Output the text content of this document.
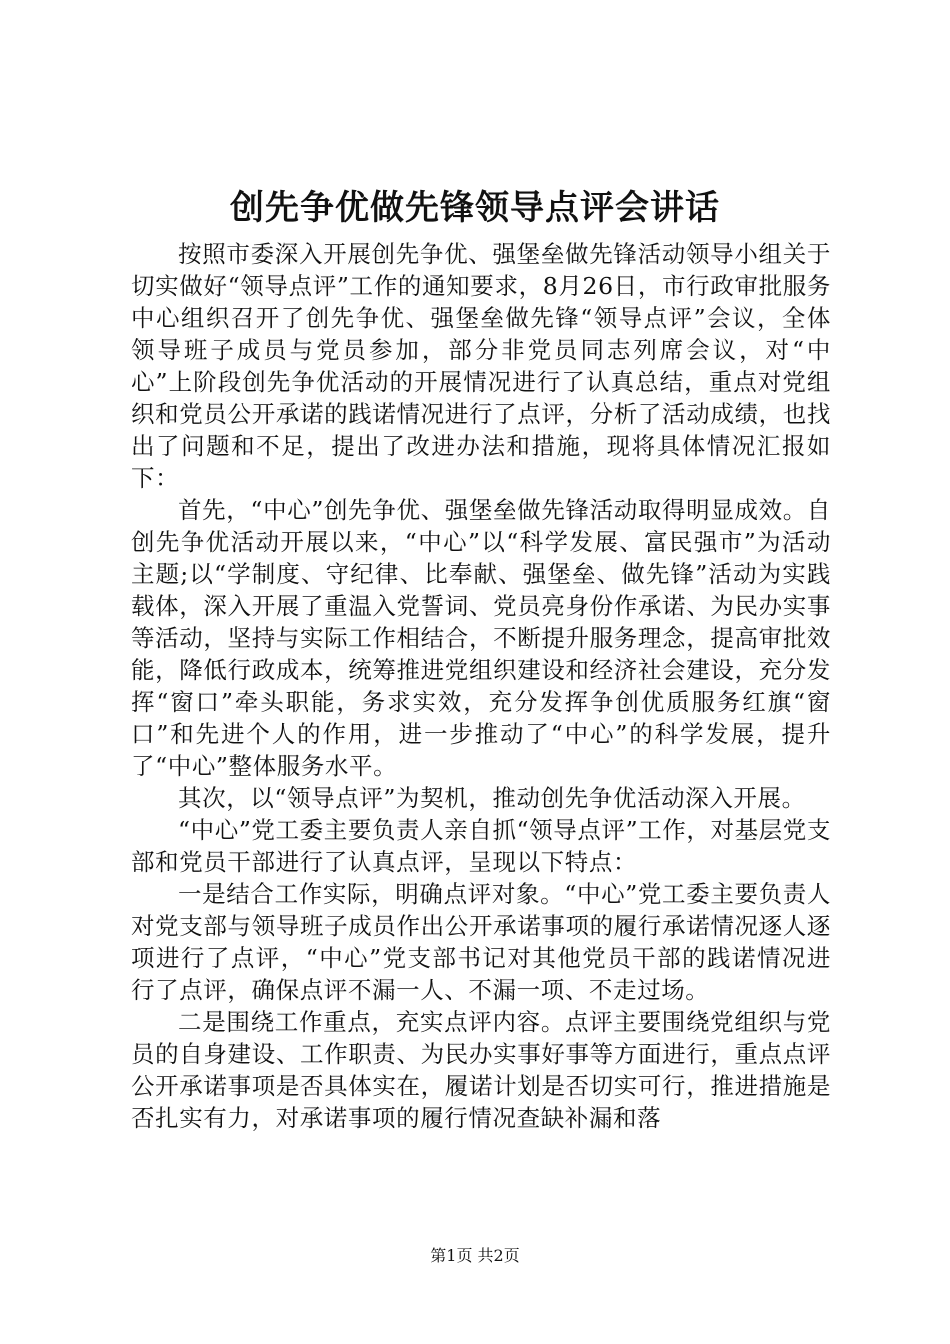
创先争优做先锋领导点评会讲话

按照市委深入开展创先争优、强堡垒做先锋活动领导小组关于切实做好“领导点评”工作的通知要求，8月26日，市行政审批服务中心组织召开了创先争优、强堡垒做先锋“领导点评”会议，全体领导班子成员与党员参加，部分非党员同志列席会议，对“中心”上阶段创先争优活动的开展情况进行了认真总结，重点对党组织和党员公开承诺的践诺情况进行了点评，分析了活动成绩，也找出了问题和不足，提出了改进办法和措施，现将具体情况汇报如下：

首先，“中心”创先争优、强堡垒做先锋活动取得明显成效。自创先争优活动开展以来，“中心”以“科学发展、富民强市”为活动主题;以“学制度、守纪律、比奉献、强堡垒、做先锋”活动为实践载体，深入开展了重温入党誓词、党员亮身份作承诺、为民办实事等活动，坚持与实际工作相结合，不断提升服务理念，提高审批效能，降低行政成本，统筹推进党组织建设和经济社会建设，充分发挥“窗口”牵头职能，务求实效，充分发挥争创优质服务红旗“窗口”和先进个人的作用，进一步推动了“中心”的科学发展，提升了“中心”整体服务水平。

其次，以“领导点评”为契机，推动创先争优活动深入开展。

“中心”党工委主要负责人亲自抓“领导点评”工作，对基层党支部和党员干部进行了认真点评，呈现以下特点：

一是结合工作实际，明确点评对象。“中心”党工委主要负责人对党支部与领导班子成员作出公开承诺事项的履行承诺情况逐人逐项进行了点评，“中心”党支部书记对其他党员干部的践诺情况进行了点评，确保点评不漏一人、不漏一项、不走过场。

二是围绕工作重点，充实点评内容。点评主要围绕党组织与党员的自身建设、工作职责、为民办实事好事等方面进行，重点点评公开承诺事项是否具体实在，履诺计划是否切实可行，推进措施是否扎实有力，对承诺事项的履行情况查缺补漏和落

第1页 共2页
